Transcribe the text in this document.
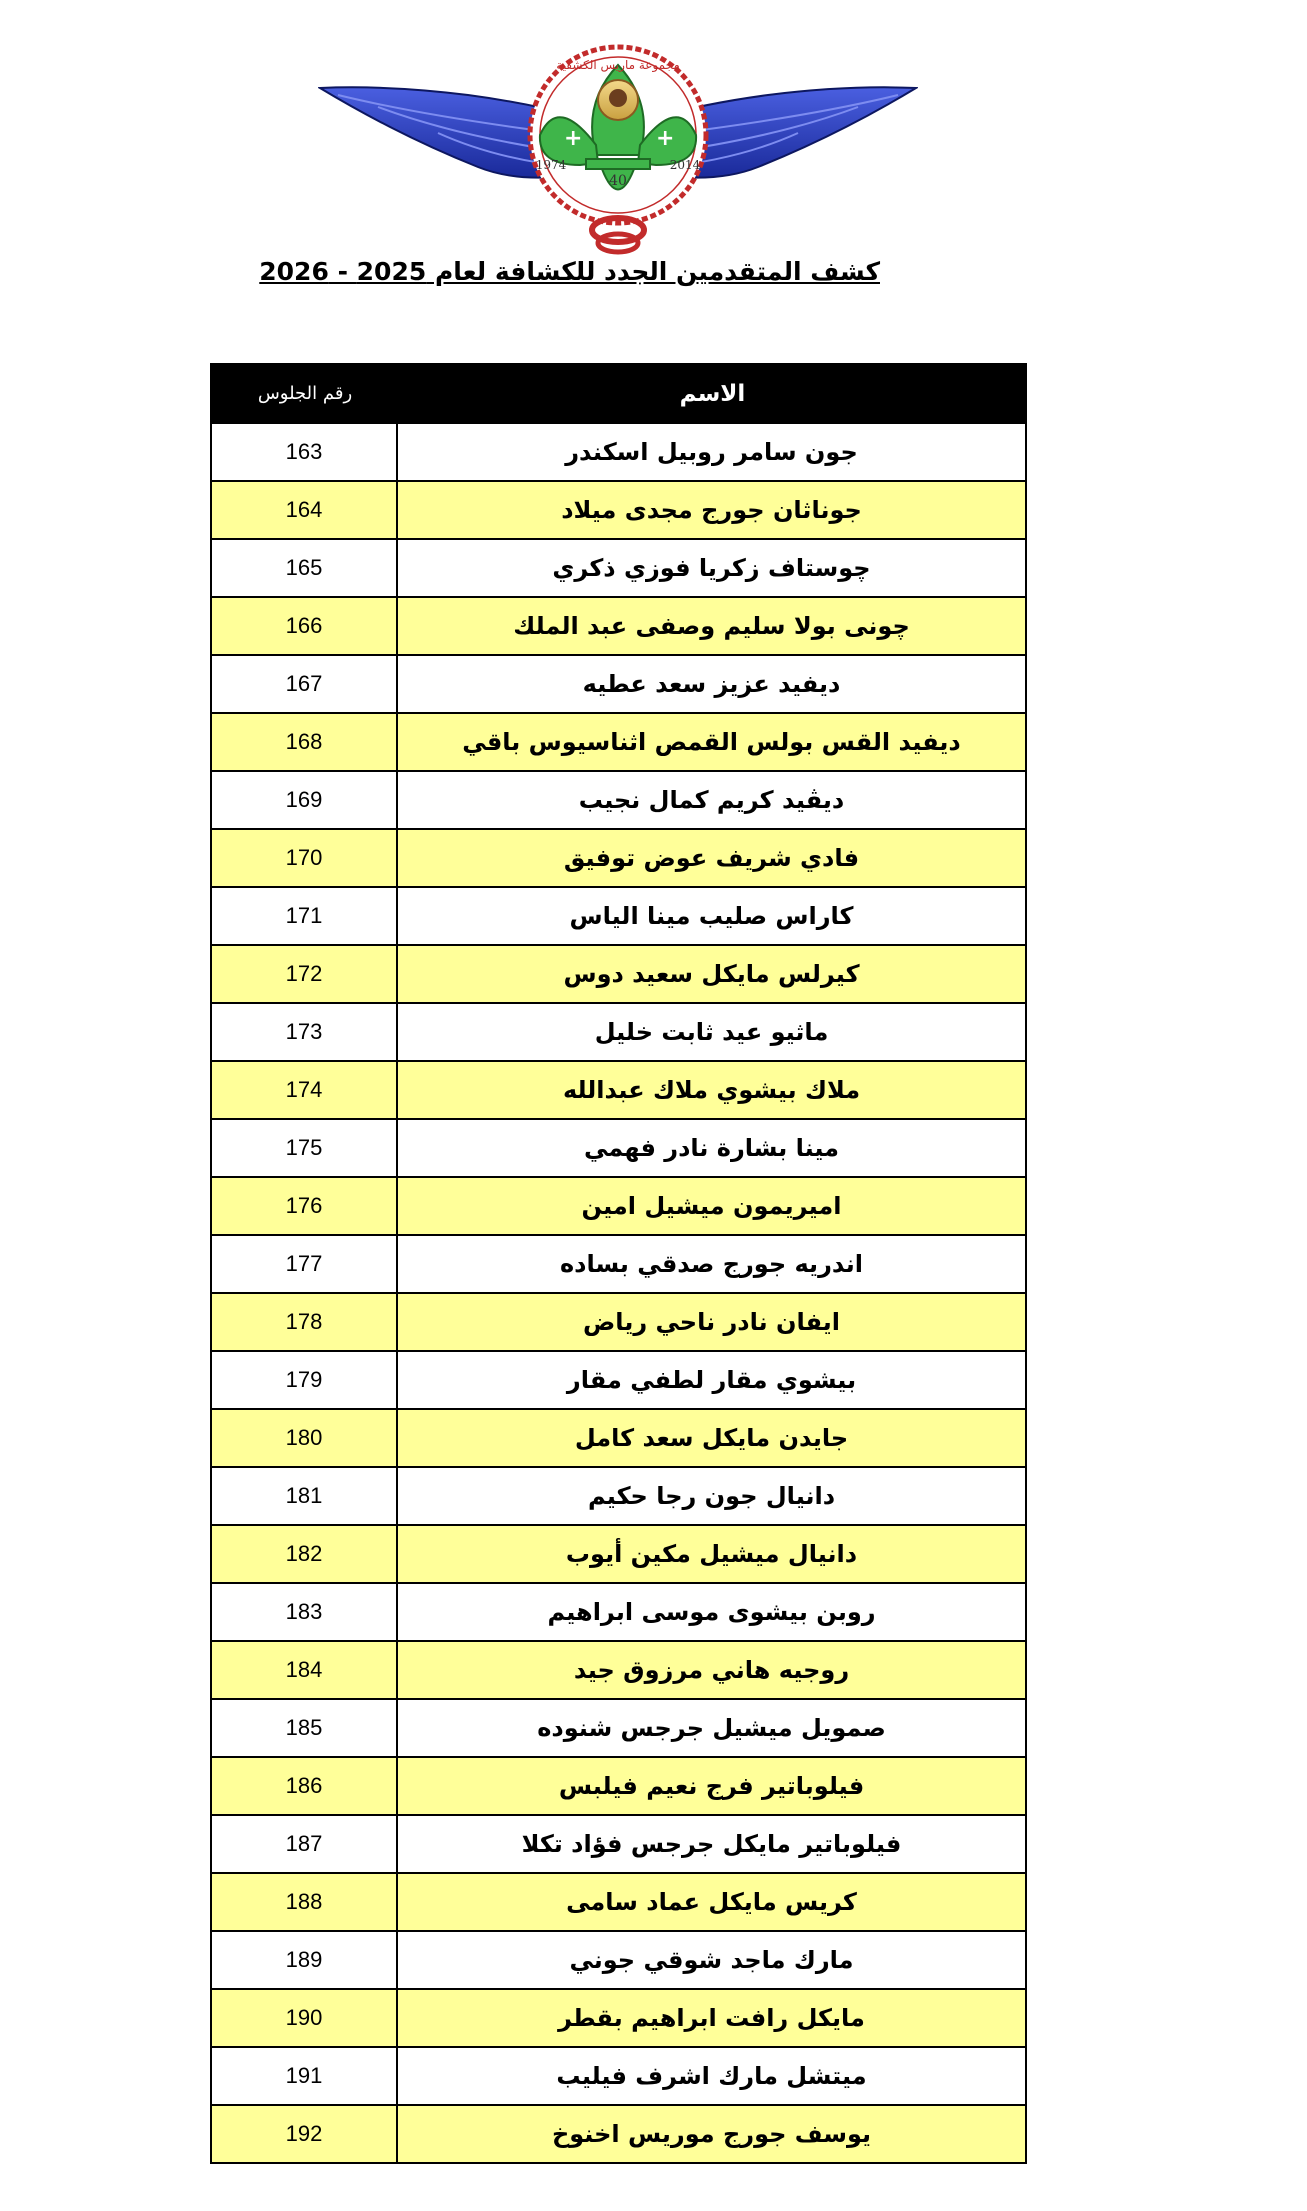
+	+
مجموعة ماريس الكشفية
1974	2014
40
كشف المتقدمين الجدد للكشافة لعام 2025 - 2026
رقم الجلوس	الاسم
163	جون سامر روبيل اسكندر
164	جوناثان جورج مجدى ميلاد
165	چوستاف زكريا فوزي ذكري
166	چونى بولا سليم وصفى عبد الملك
167	ديفيد عزيز سعد عطيه
168	ديفيد القس بولس القمص اثناسيوس باقي
169	ديڤيد كريم كمال نجيب
170	فادي شريف عوض توفيق
171	كاراس صليب مينا الياس
172	كيرلس مايكل سعيد دوس
173	ماثيو عيد ثابت خليل
174	ملاك بيشوي ملاك عبدالله
175	مينا بشارة نادر فهمي
176	اميريمون ميشيل امين
177	اندريه جورج صدقي بساده
178	ايفان نادر ناحي رياض
179	بيشوي مقار لطفي مقار
180	جايدن مايكل سعد كامل
181	دانيال جون رجا حكيم
182	دانيال ميشيل مكين أيوب
183	روبن بيشوى موسى ابراهيم
184	روجيه هاني مرزوق جيد
185	صمويل ميشيل جرجس شنوده
186	فيلوباتير فرج نعيم فيلبس
187	فيلوباتير مايكل جرجس فؤاد تكلا
188	كريس مايكل عماد سامى
189	مارك ماجد شوقي جوني
190	مايكل رافت ابراهيم بقطر
191	ميتشل مارك اشرف فيليب
192	يوسف جورج موريس اخنوخ
